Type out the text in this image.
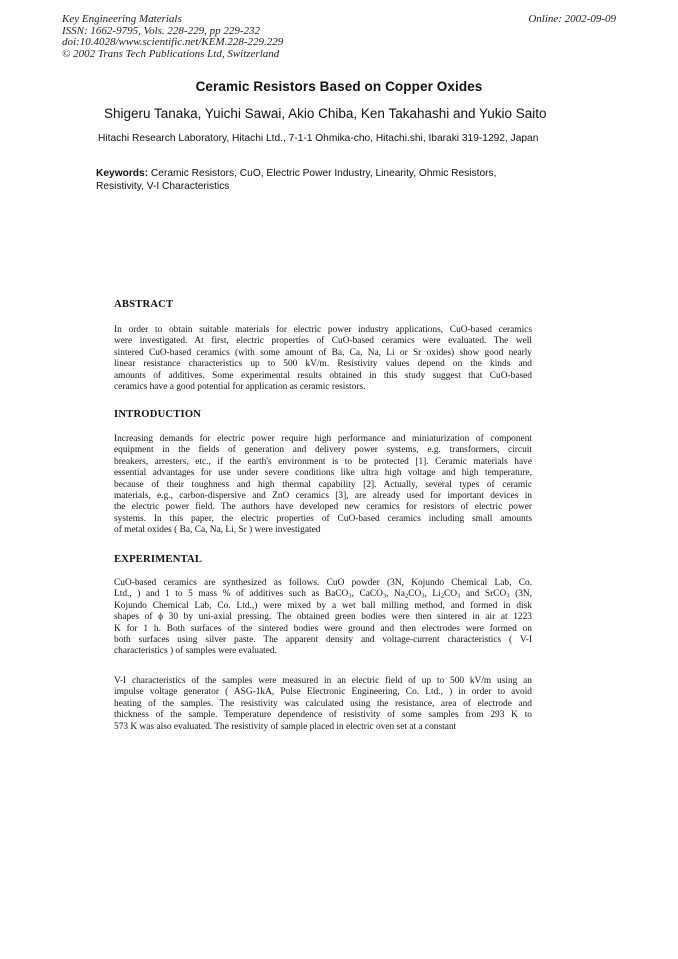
Key Engineering Materials
ISSN: 1662-9795, Vols. 228-229, pp 229-232
doi:10.4028/www.scientific.net/KEM.228-229.229
© 2002 Trans Tech Publications Ltd, Switzerland
Online: 2002-09-09
Ceramic Resistors Based on Copper Oxides
Shigeru Tanaka, Yuichi Sawai, Akio Chiba, Ken Takahashi and Yukio Saito
Hitachi Research Laboratory, Hitachi Ltd., 7-1-1 Ohmika-cho, Hitachi.shi, Ibaraki 319-1292, Japan
Keywords: Ceramic Resistors, CuO, Electric Power Industry, Linearity, Ohmic Resistors,
Resistivity, V-I Characteristics
ABSTRACT
In order to obtain suitable materials for electric power industry applications, CuO-based ceramics
were investigated. At first, electric properties of CuO-based ceramics were evaluated. The well
sintered CuO-based ceramics (with some amount of Ba, Ca, Na, Li or Sr oxides) show good nearly
linear resistance characteristics up to 500 kV/m. Resistivity values depend on the kinds and
amounts of additives. Some experimental results obtained in this study suggest that CuO-based
ceramics have a good potential for application as ceramic resistors.
INTRODUCTION
Increasing demands for electric power require high performance and miniaturization of component
equipment in the fields of generation and delivery power systems, e.g. transformers, circuit
breakers, arresters, etc., if the earth's environment is to be protected [1]. Ceramic materials have
essential advantages for use under severe conditions like ultra high voltage and high temperature,
because of their toughness and high thermal capability [2]. Actually, several types of ceramic
materials, e.g., carbon-dispersive and ZnO ceramics [3], are already used for important devices in
the electric power field. The authors have developed new ceramics for resistors of electric power
systems. In this paper, the electric properties of CuO-based ceramics including small amounts
of metal oxides ( Ba, Ca, Na, Li, Sr ) were investigated
EXPERIMENTAL
CuO-based ceramics are synthesized as follows. CuO powder (3N, Kojundo Chemical Lab, Co.
Ltd., ) and 1 to 5 mass % of additives such as BaCO$_3$, CaCO$_3$, $Na_2CO_3$, $Li_2CO_3$ and SrCO$_3$ (3N,
Kojundo Chemical Lab, Co. Ltd.,) were mixed by a wet ball milling method, and formed in disk
shapes of ϕ 30 by uni-axial pressing. The obtained green bodies were then sintered in air at 1223
K for 1 h. Both surfaces of the sintered bodies were ground and then electrodes were formed on
both surfaces using silver paste. The apparent density and voltage-current characteristics ( V-I
characteristics ) of samples were evaluated.
V-I characteristics of the samples were measured in an electric field of up to 500 kV/m using an
impulse voltage generator ( ASG-1kA, Pulse Electronic Engineering, Co. Ltd., ) in order to avoid
heating of the samples. The resistivity was calculated using the resistance, area of electrode and
thickness of the sample. Temperature dependence of resistivity of some samples from 293 K to
573 K was also evaluated. The resistivity of sample placed in electric oven set at a constant
